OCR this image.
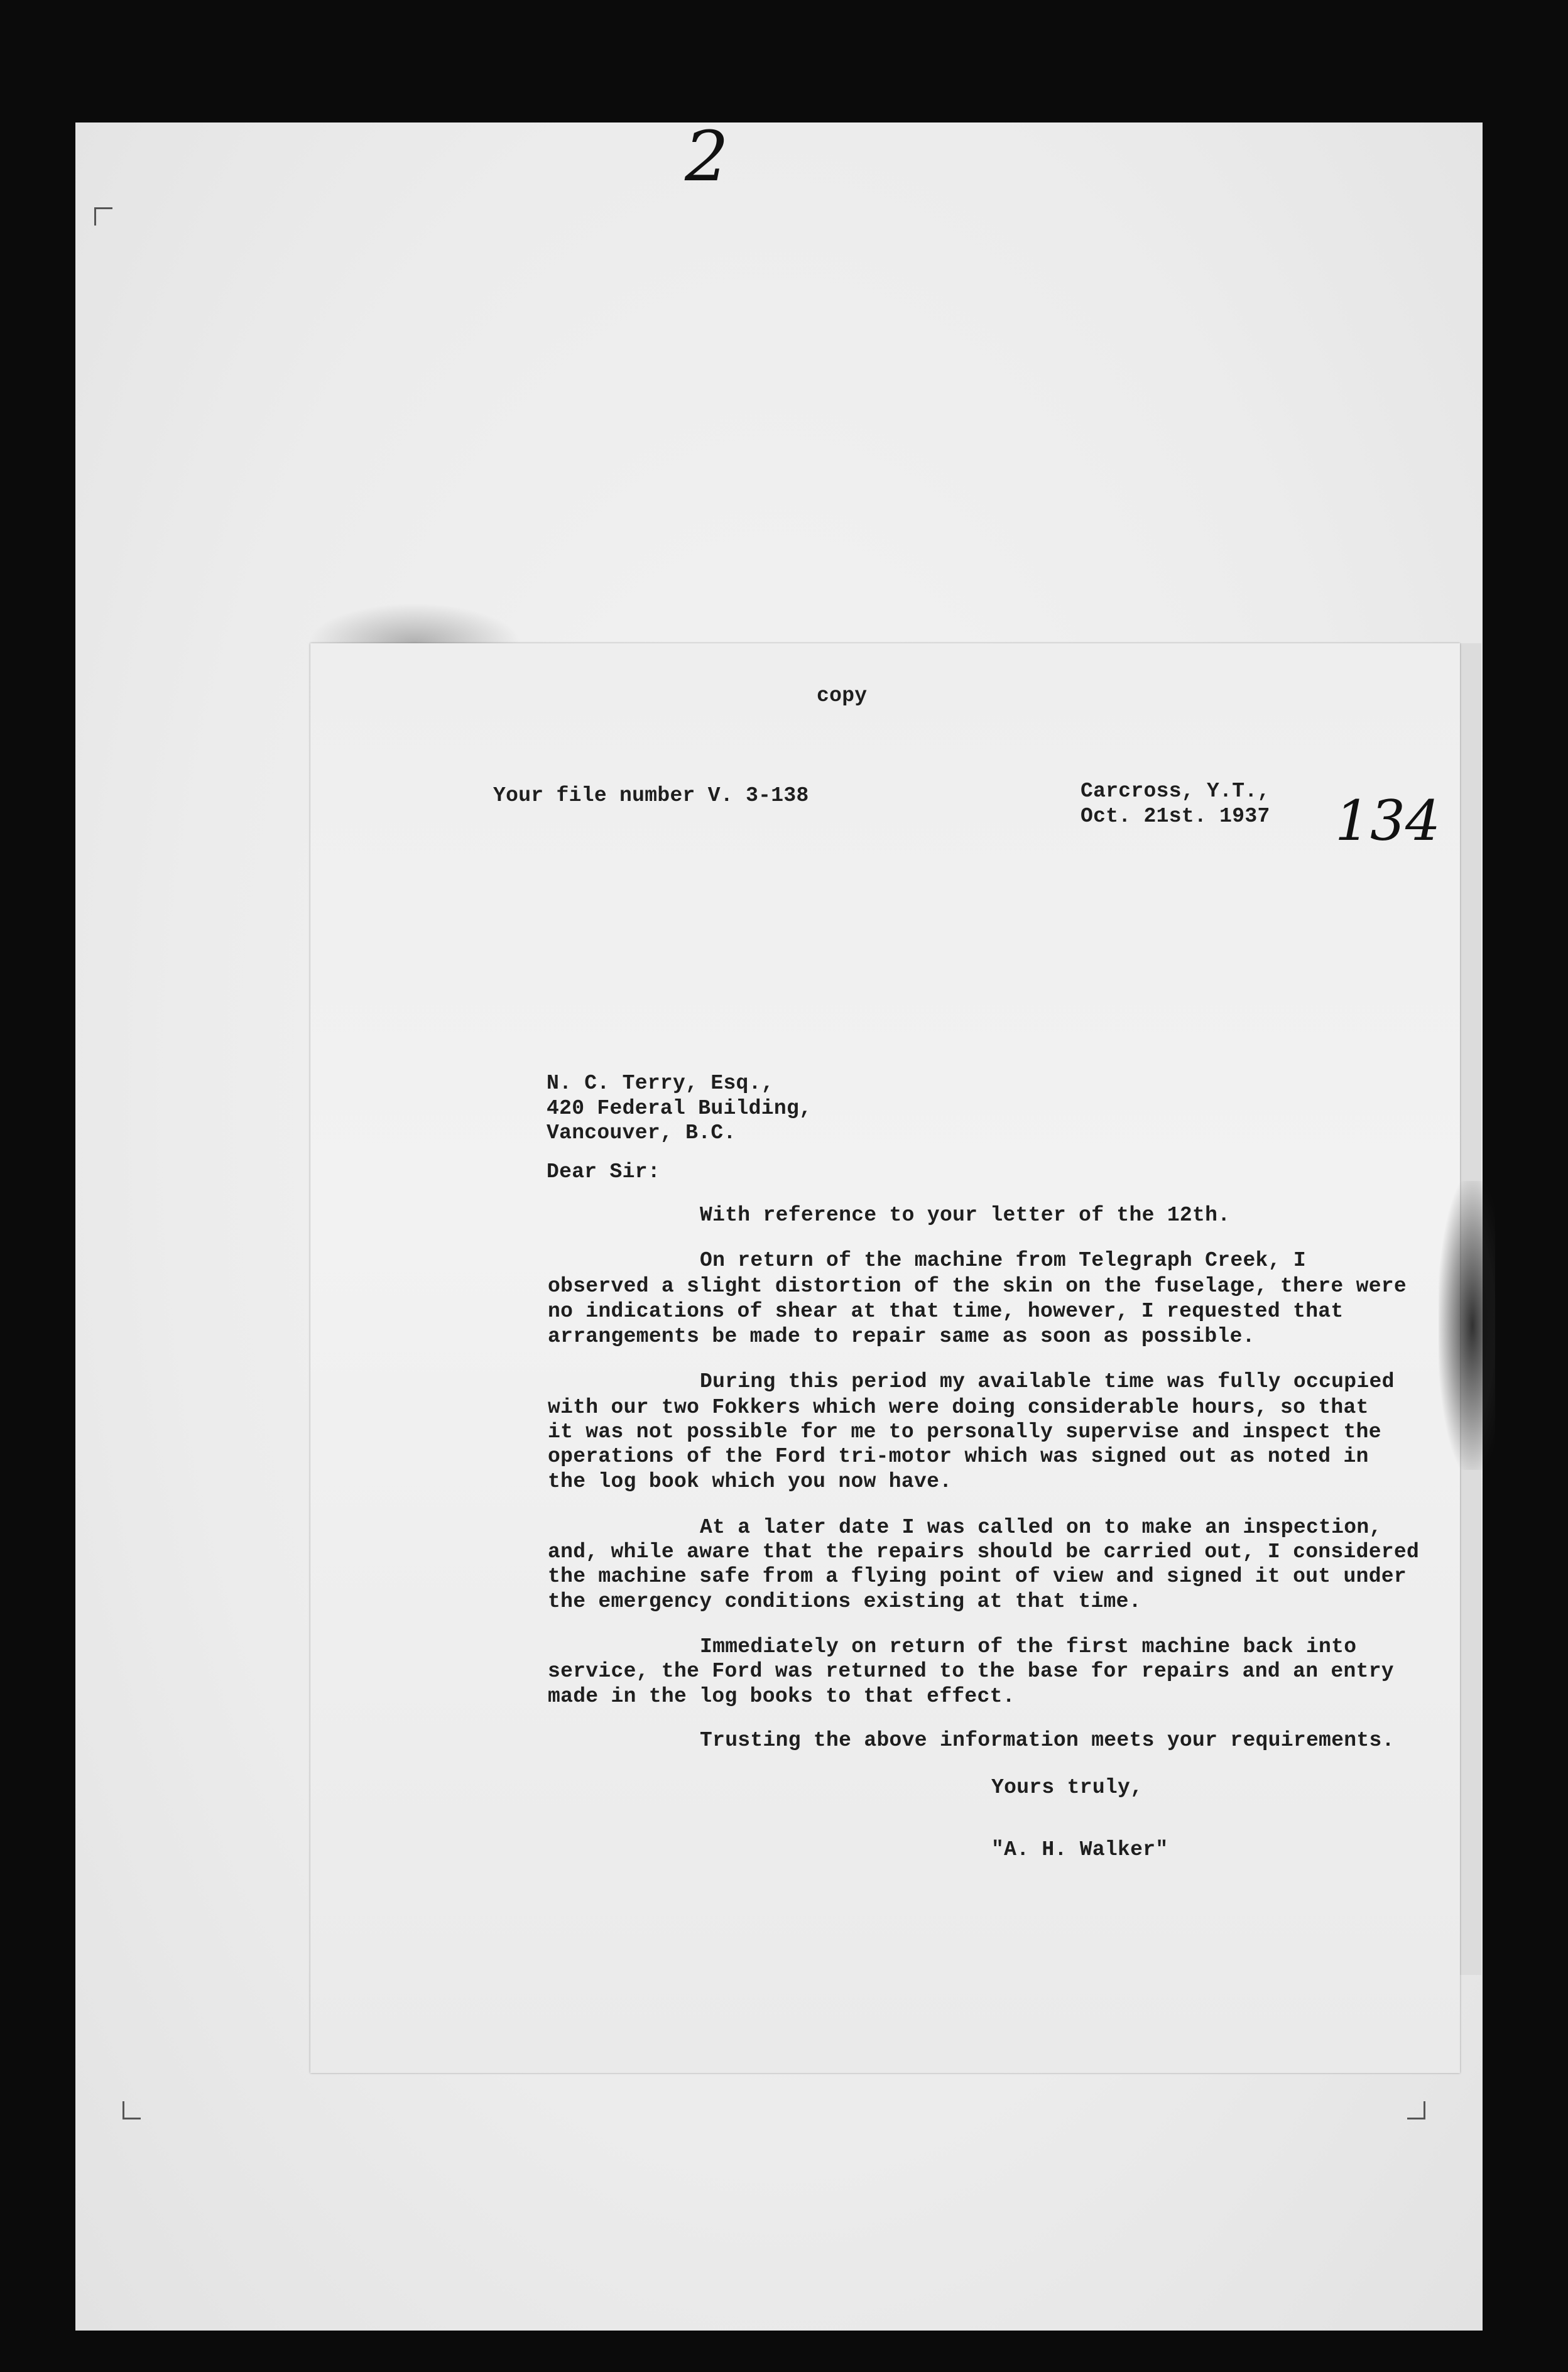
2
134
copy
Your file number V. 3-138	Carcross, Y.T.,
Oct. 21st. 1937
N. C. Terry, Esq.,
420 Federal Building,
Vancouver, B.C.
Dear Sir:
With reference to your letter of the 12th.
On return of the machine from Telegraph Creek, I
observed a slight distortion of the skin on the fuselage, there were
no indications of shear at that time, however, I requested that
arrangements be made to repair same as soon as possible.
During this period my available time was fully occupied
with our two Fokkers which were doing considerable hours, so that
it was not possible for me to personally supervise and inspect the
operations of the Ford tri-motor which was signed out as noted in
the log book which you now have.
At a later date I was called on to make an inspection,
and, while aware that the repairs should be carried out, I considered
the machine safe from a flying point of view and signed it out under
the emergency conditions existing at that time.
Immediately on return of the first machine back into
service, the Ford was returned to the base for repairs and an entry
made in the log books to that effect.
Trusting the above information meets your requirements.
Yours truly,
"A. H. Walker"
